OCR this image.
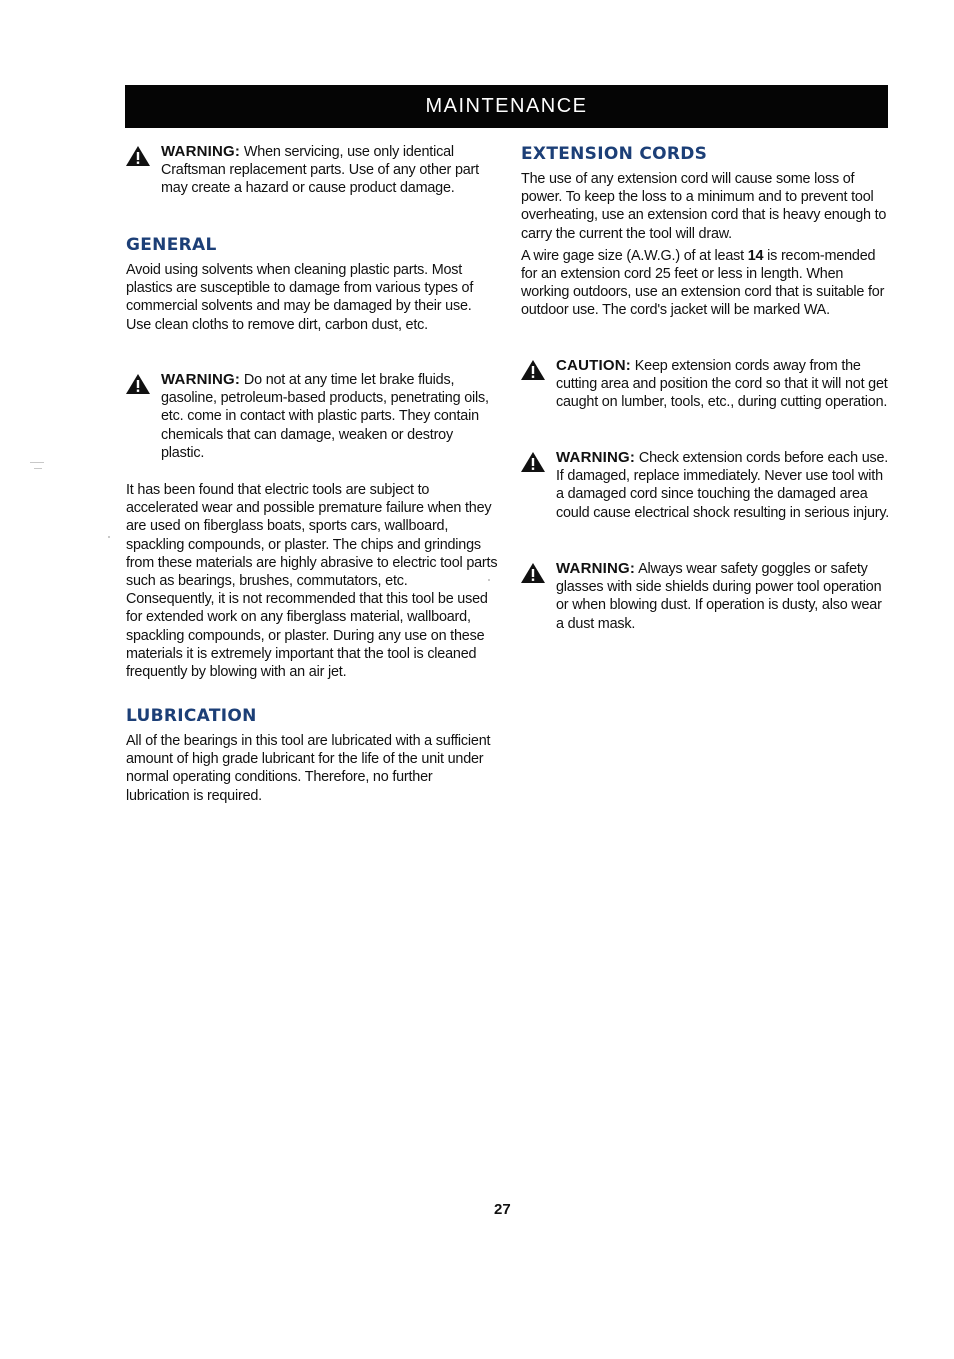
MAINTENANCE

WARNING: When servicing, use only identical Craftsman replacement parts. Use of any other part may create a hazard or cause product damage.

GENERAL

Avoid using solvents when cleaning plastic parts. Most plastics are susceptible to damage from various types of commercial solvents and may be damaged by their use. Use clean cloths to remove dirt, carbon dust, etc.

WARNING: Do not at any time let brake fluids, gasoline, petroleum-based products, penetrating oils, etc. come in contact with plastic parts. They contain chemicals that can damage, weaken or destroy plastic.

It has been found that electric tools are subject to accelerated wear and possible premature failure when they are used on fiberglass boats, sports cars, wallboard, spackling compounds, or plaster. The chips and grindings from these materials are highly abrasive to electric tool parts such as bearings, brushes, commutators, etc. Consequently, it is not recommended that this tool be used for extended work on any fiberglass material, wallboard, spackling compounds, or plaster. During any use on these materials it is extremely important that the tool is cleaned frequently by blowing with an air jet.

LUBRICATION

All of the bearings in this tool are lubricated with a sufficient amount of high grade lubricant for the life of the unit under normal operating conditions. Therefore, no further lubrication is required.

EXTENSION CORDS

The use of any extension cord will cause some loss of power. To keep the loss to a minimum and to prevent tool overheating, use an extension cord that is heavy enough to carry the current the tool will draw.

A wire gage size (A.W.G.) of at least 14 is recom-mended for an extension cord 25 feet or less in length. When working outdoors, use an extension cord that is suitable for outdoor use. The cord's jacket will be marked WA.

CAUTION: Keep extension cords away from the cutting area and position the cord so that it will not get caught on lumber, tools, etc., during cutting operation.

WARNING: Check extension cords before each use. If damaged, replace immediately. Never use tool with a damaged cord since touching the damaged area could cause electrical shock resulting in serious injury.

WARNING: Always wear safety goggles or safety glasses with side shields during power tool operation or when blowing dust. If operation is dusty, also wear a dust mask.

27
